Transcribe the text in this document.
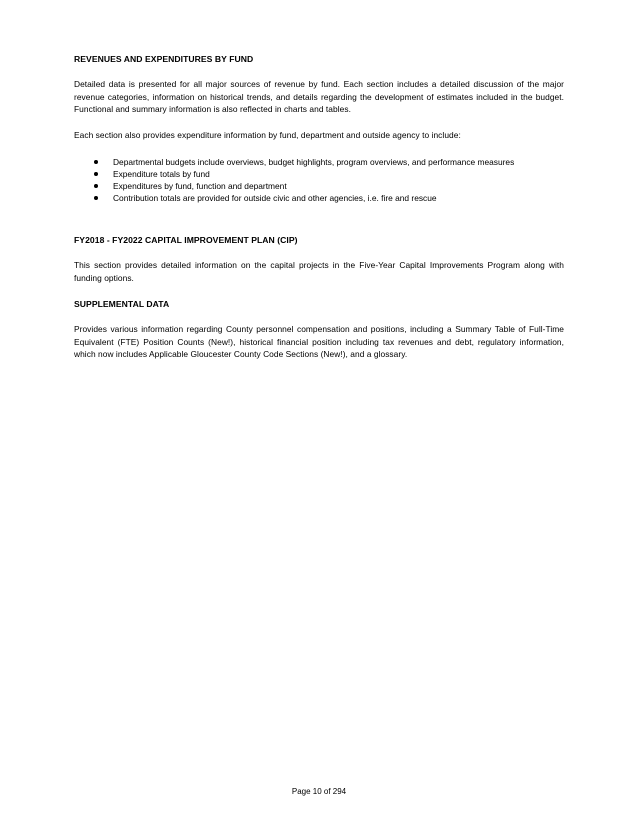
REVENUES AND EXPENDITURES BY FUND

Detailed data is presented for all major sources of revenue by fund. Each section includes a detailed discussion of the major revenue categories, information on historical trends, and details regarding the development of estimates included in the budget. Functional and summary information is also reflected in charts and tables.

Each section also provides expenditure information by fund, department and outside agency to include:

Departmental budgets include overviews, budget highlights, program overviews, and performance measures
Expenditure totals by fund
Expenditures by fund, function and department
Contribution totals are provided for outside civic and other agencies, i.e. fire and rescue

FY2018 - FY2022 CAPITAL IMPROVEMENT PLAN (CIP)

This section provides detailed information on the capital projects in the Five-Year Capital Improvements Program along with funding options.

SUPPLEMENTAL DATA

Provides various information regarding County personnel compensation and positions, including a Summary Table of Full-Time Equivalent (FTE) Position Counts (New!), historical financial position including tax revenues and debt, regulatory information, which now includes Applicable Gloucester County Code Sections (New!), and a glossary.

Page 10 of 294
